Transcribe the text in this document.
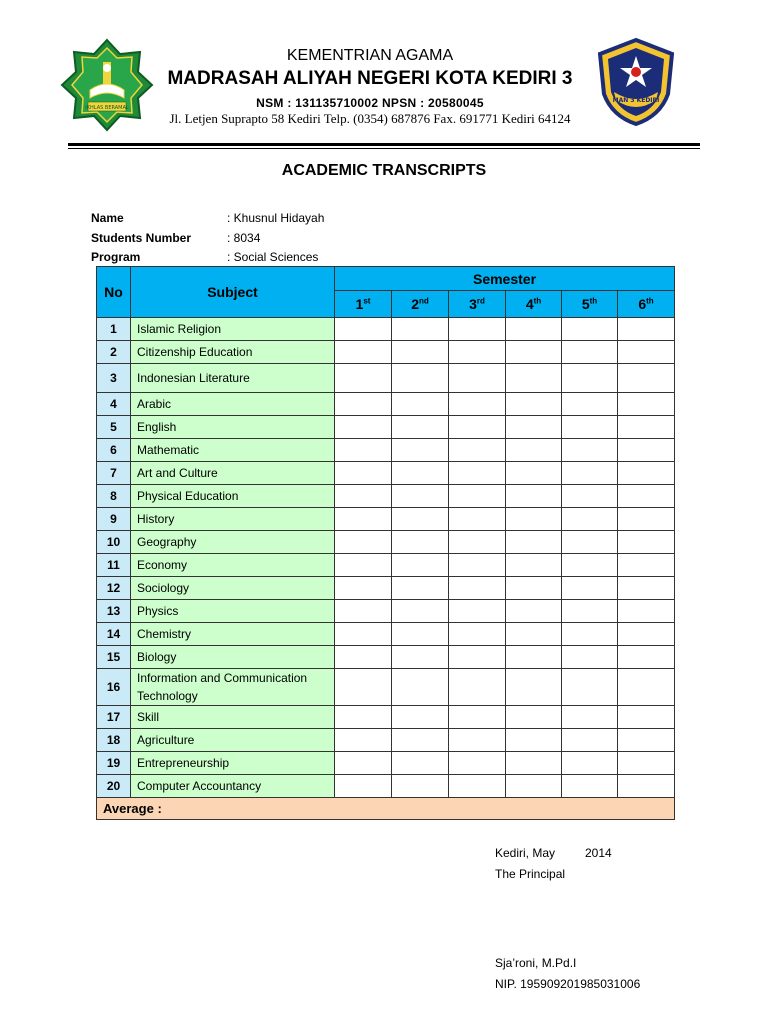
IKHLAS BERAMAL
MAN 3 KEDIRI
KEMENTRIAN AGAMA
MADRASAH ALIYAH NEGERI KOTA KEDIRI 3
NSM : 131135710002 NPSN : 20580045
Jl. Letjen Suprapto 58 Kediri Telp. (0354) 687876 Fax. 691771 Kediri 64124
ACADEMIC TRANSCRIPTS
Name	: Khusnul Hidayah
Students Number	: 8034
Program	: Social Sciences
No	Subject	Semester					
		1st	2nd	3rd	4th	5th	6th
1	Islamic Religion						
2	Citizenship Education						
3	Indonesian Literature						
4	Arabic						
5	English						
6	Mathematic						
7	Art and Culture						
8	Physical Education						
9	History						
10	Geography						
11	Economy						
12	Sociology						
13	Physics						
14	Chemistry						
15	Biology						
16	Information and Communication Technology						
17	Skill						
18	Agriculture						
19	Entrepreneurship						
20	Computer Accountancy						
Average :							
Kediri, May 2014
The Principal
Sja’roni, M.Pd.I
NIP. 195909201985031006
